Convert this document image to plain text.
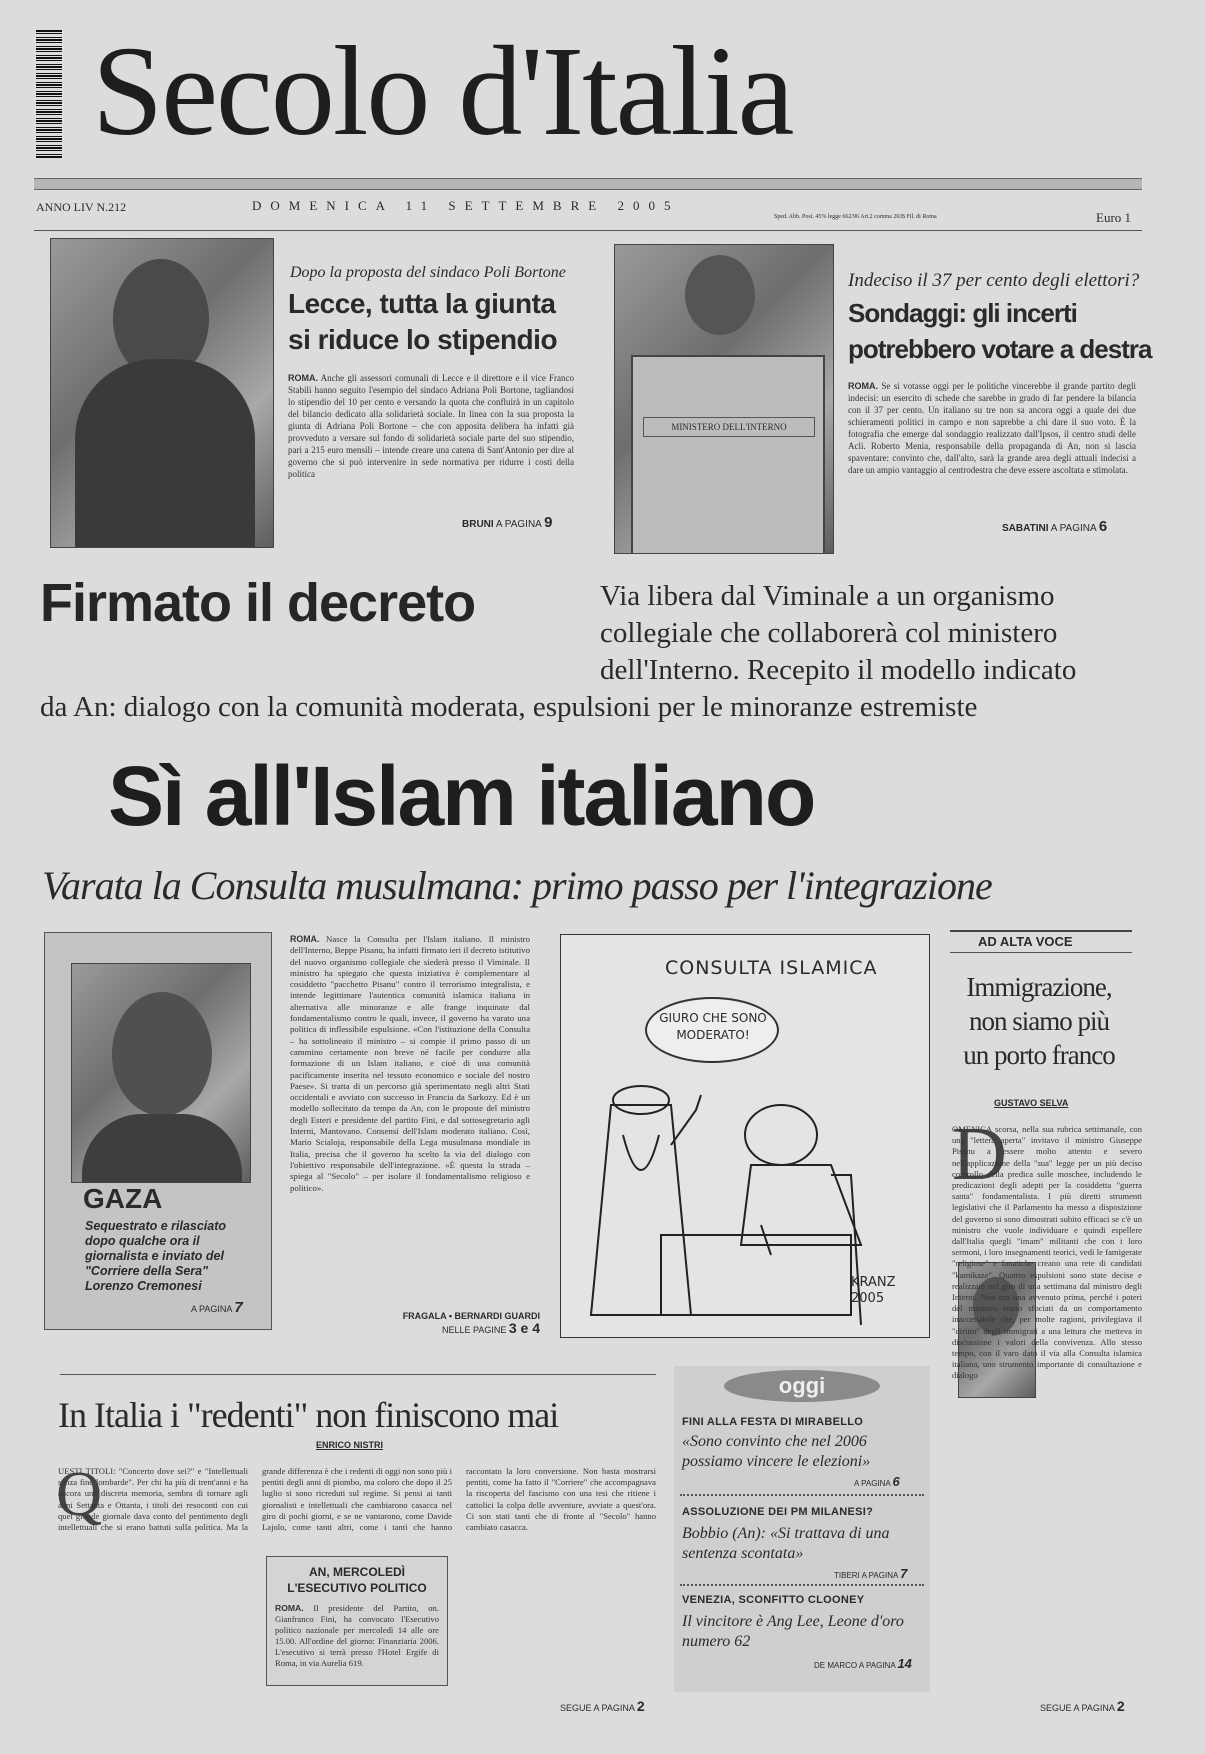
Secolo d'Italia
ANNO LIV N.212	DOMENICA 11 SETTEMBRE 2005
Sped. Abb. Post. 45% legge 662/96 Art.2 comma 20/B Fil. di Roma	Euro 1
Dopo la proposta del sindaco Poli Bortone
Lecce, tutta la giunta
si riduce lo stipendio
ROMA. Anche gli assessori comunali di Lecce e il direttore e il vice Franco Stabili hanno seguito l'esempio del sindaco Adriana Poli Bortone, tagliandosi lo stipendio del 10 per cento e versando la quota che confluirà in un capitolo del bilancio dedicato alla solidarietà sociale. In linea con la sua proposta la giunta di Adriana Poli Bortone – che con apposita delibera ha infatti già provveduto a versare sul fondo di solidarietà sociale parte del suo stipendio, pari a 215 euro mensili – intende creare una catena di Sant'Antonio per dire al governo che si può intervenire in sede normativa per ridurre i costi della politica
BRUNI A PAGINA 9
MINISTERO DELL'INTERNO
Indeciso il 37 per cento degli elettori?
Sondaggi: gli incerti
potrebbero votare a destra
ROMA. Se si votasse oggi per le politiche vincerebbe il grande partito degli indecisi: un esercito di schede che sarebbe in grado di far pendere la bilancia con il 37 per cento. Un italiano su tre non sa ancora oggi a quale dei due schieramenti politici in campo e non saprebbe a chi dare il suo voto. È la fotografia che emerge dal sondaggio realizzato dall'Ipsos, il centro studi delle Acli. Roberto Menia, responsabile della propaganda di An, non si lascia spaventare: convinto che, dall'alto, sarà la grande area degli attuali indecisi a dare un ampio vantaggio al centrodestra che deve essere ascoltata e stimolata.
SABATINI A PAGINA 6
Firmato il decreto	Via libera dal Viminale a un organismo
collegiale che collaborerà col ministero
dell'Interno. Recepito il modello indicato
da An: dialogo con la comunità moderata, espulsioni per le minoranze estremiste
Sì all'Islam italiano
Varata la Consulta musulmana: primo passo per l'integrazione
GAZA
Sequestrato e rilasciato dopo qualche ora il giornalista e inviato del "Corriere della Sera" Lorenzo Cremonesi
A PAGINA 7
ROMA. Nasce la Consulta per l'Islam italiano. Il ministro dell'Interno, Beppe Pisanu, ha infatti firmato ieri il decreto istitutivo del nuovo organismo collegiale che siederà presso il Viminale. Il ministro ha spiegato che questa iniziativa è complementare al cosiddetto "pacchetto Pisanu" contro il terrorismo integralista, e intende legittimare l'autentica comunità islamica italiana in alternativa alle minoranze e alle frange inquinate dal fondamentalismo contro le quali, invece, il governo ha varato una politica di inflessibile espulsione. «Con l'istituzione della Consulta – ha sottolineato il ministro – si compie il primo passo di un cammino certamente non breve né facile per condurre alla formazione di un Islam italiano, e cioè di una comunità pacificamente inserita nel tessuto economico e sociale del nostro Paese». Si tratta di un percorso già sperimentato negli altri Stati occidentali e avviato con successo in Francia da Sarkozy. Ed è un modello sollecitato da tempo da An, con le proposte del ministro degli Esteri e presidente del partito Fini, e dal sottosegretario agli Interni, Mantovano. Consensi dell'Islam moderato italiano. Così, Mario Scialoja, responsabile della Lega musulmana mondiale in Italia, precisa che il governo ha scelto la via del dialogo con l'obiettivo responsabile dell'integrazione. «È questa la strada – spiega al "Secolo" – per isolare il fondamentalismo religioso e politico».
FRAGALA • BERNARDI GUARDI
NELLE PAGINE 3 e 4
CONSULTA ISLAMICA
GIURO CHE SONO MODERATO!
KRANZ 2005
AD ALTA VOCE
Immigrazione, non siamo più un porto franco
GUSTAVO SELVA
D
OMENICA scorsa, nella sua rubrica settimanale, con una "lettera aperta" invitavo il ministro Giuseppe Pisanu a essere molto attento e severo nell'applicazione della "sua" legge per un più deciso controllo della predica sulle moschee, includendo le predicazioni degli adepti per la cosiddetta "guerra santa" fondamentalista. I più diretti strumenti legislativi che il Parlamento ha messo a disposizione del governo si sono dimostrati subito efficaci se c'è un ministro che vuole individuare e quindi espellere dall'Italia quegli "imam" militanti che con i loro sermoni, i loro insegnamenti teorici, vedi le famigerate "religiose" e fanatiche creano una rete di candidati "kamikaze". Quattro espulsioni sono state decise e realizzate nel giro di una settimana dal ministro degli Interni. Non era una avvenuto prima, perché i poteri del ministro erano sfociati da un comportamento inaccettabile che, per molte ragioni, privilegiava il "diritto" degli immigrati a una lettura che metteva in discussione i valori della convivenza. Allo stesso tempo, con il varo dato il via alla Consulta islamica italiana, uno strumento importante di consultazione e dialogo
SEGUE A PAGINA 2
In Italia i "redenti" non finiscono mai
ENRICO NISTRI
Q
UESTI TITOLI: "Concerto dove sei?" e "Intellettuali senza fine lombarde". Per chi ha più di trent'anni e ha ancora una discreta memoria, sembra di tornare agli anni Settanta e Ottanta, i titoli dei resoconti con cui quel grande giornale dava conto del pentimento degli intellettuali che si erano battuti sulla politica. Ma la grande differenza è che i redenti di oggi non sono più i pentiti degli anni di piombo, ma coloro che dopo il 25 luglio si sono ricreduti sul regime. Si pensi ai tanti giornalisti e intellettuali che cambiarono casacca nel giro di pochi giorni, e se ne vantarono, come Davide Lajolo, come tanti altri, come i tanti che hanno raccontato la loro conversione. Non basta mostrarsi pentiti, come ha fatto il "Corriere" che accompagnava la riscoperta del fascismo con una tesi che ritiene i cattolici la colpa delle avventure, avviate a quest'ora. Ci son stati tanti che di fronte al "Secolo" hanno cambiato casacca.
SEGUE A PAGINA 2
AN, MERCOLEDÌ
L'ESECUTIVO POLITICO
ROMA. Il presidente del Partito, on. Gianfranco Fini, ha convocato l'Esecutivo politico nazionale per mercoledì 14 alle ore 15.00. All'ordine del giorno: Finanziaria 2006. L'esecutivo si terrà presso l'Hotel Ergife di Roma, in via Aurelia 619.
oggi
FINI ALLA FESTA DI MIRABELLO
«Sono convinto che nel 2006 possiamo vincere le elezioni»
A PAGINA 6
ASSOLUZIONE DEI PM MILANESI?
Bobbio (An): «Si trattava di una sentenza scontata»
TIBERI A PAGINA 7
VENEZIA, SCONFITTO CLOONEY
Il vincitore è Ang Lee, Leone d'oro numero 62
DE MARCO A PAGINA 14
